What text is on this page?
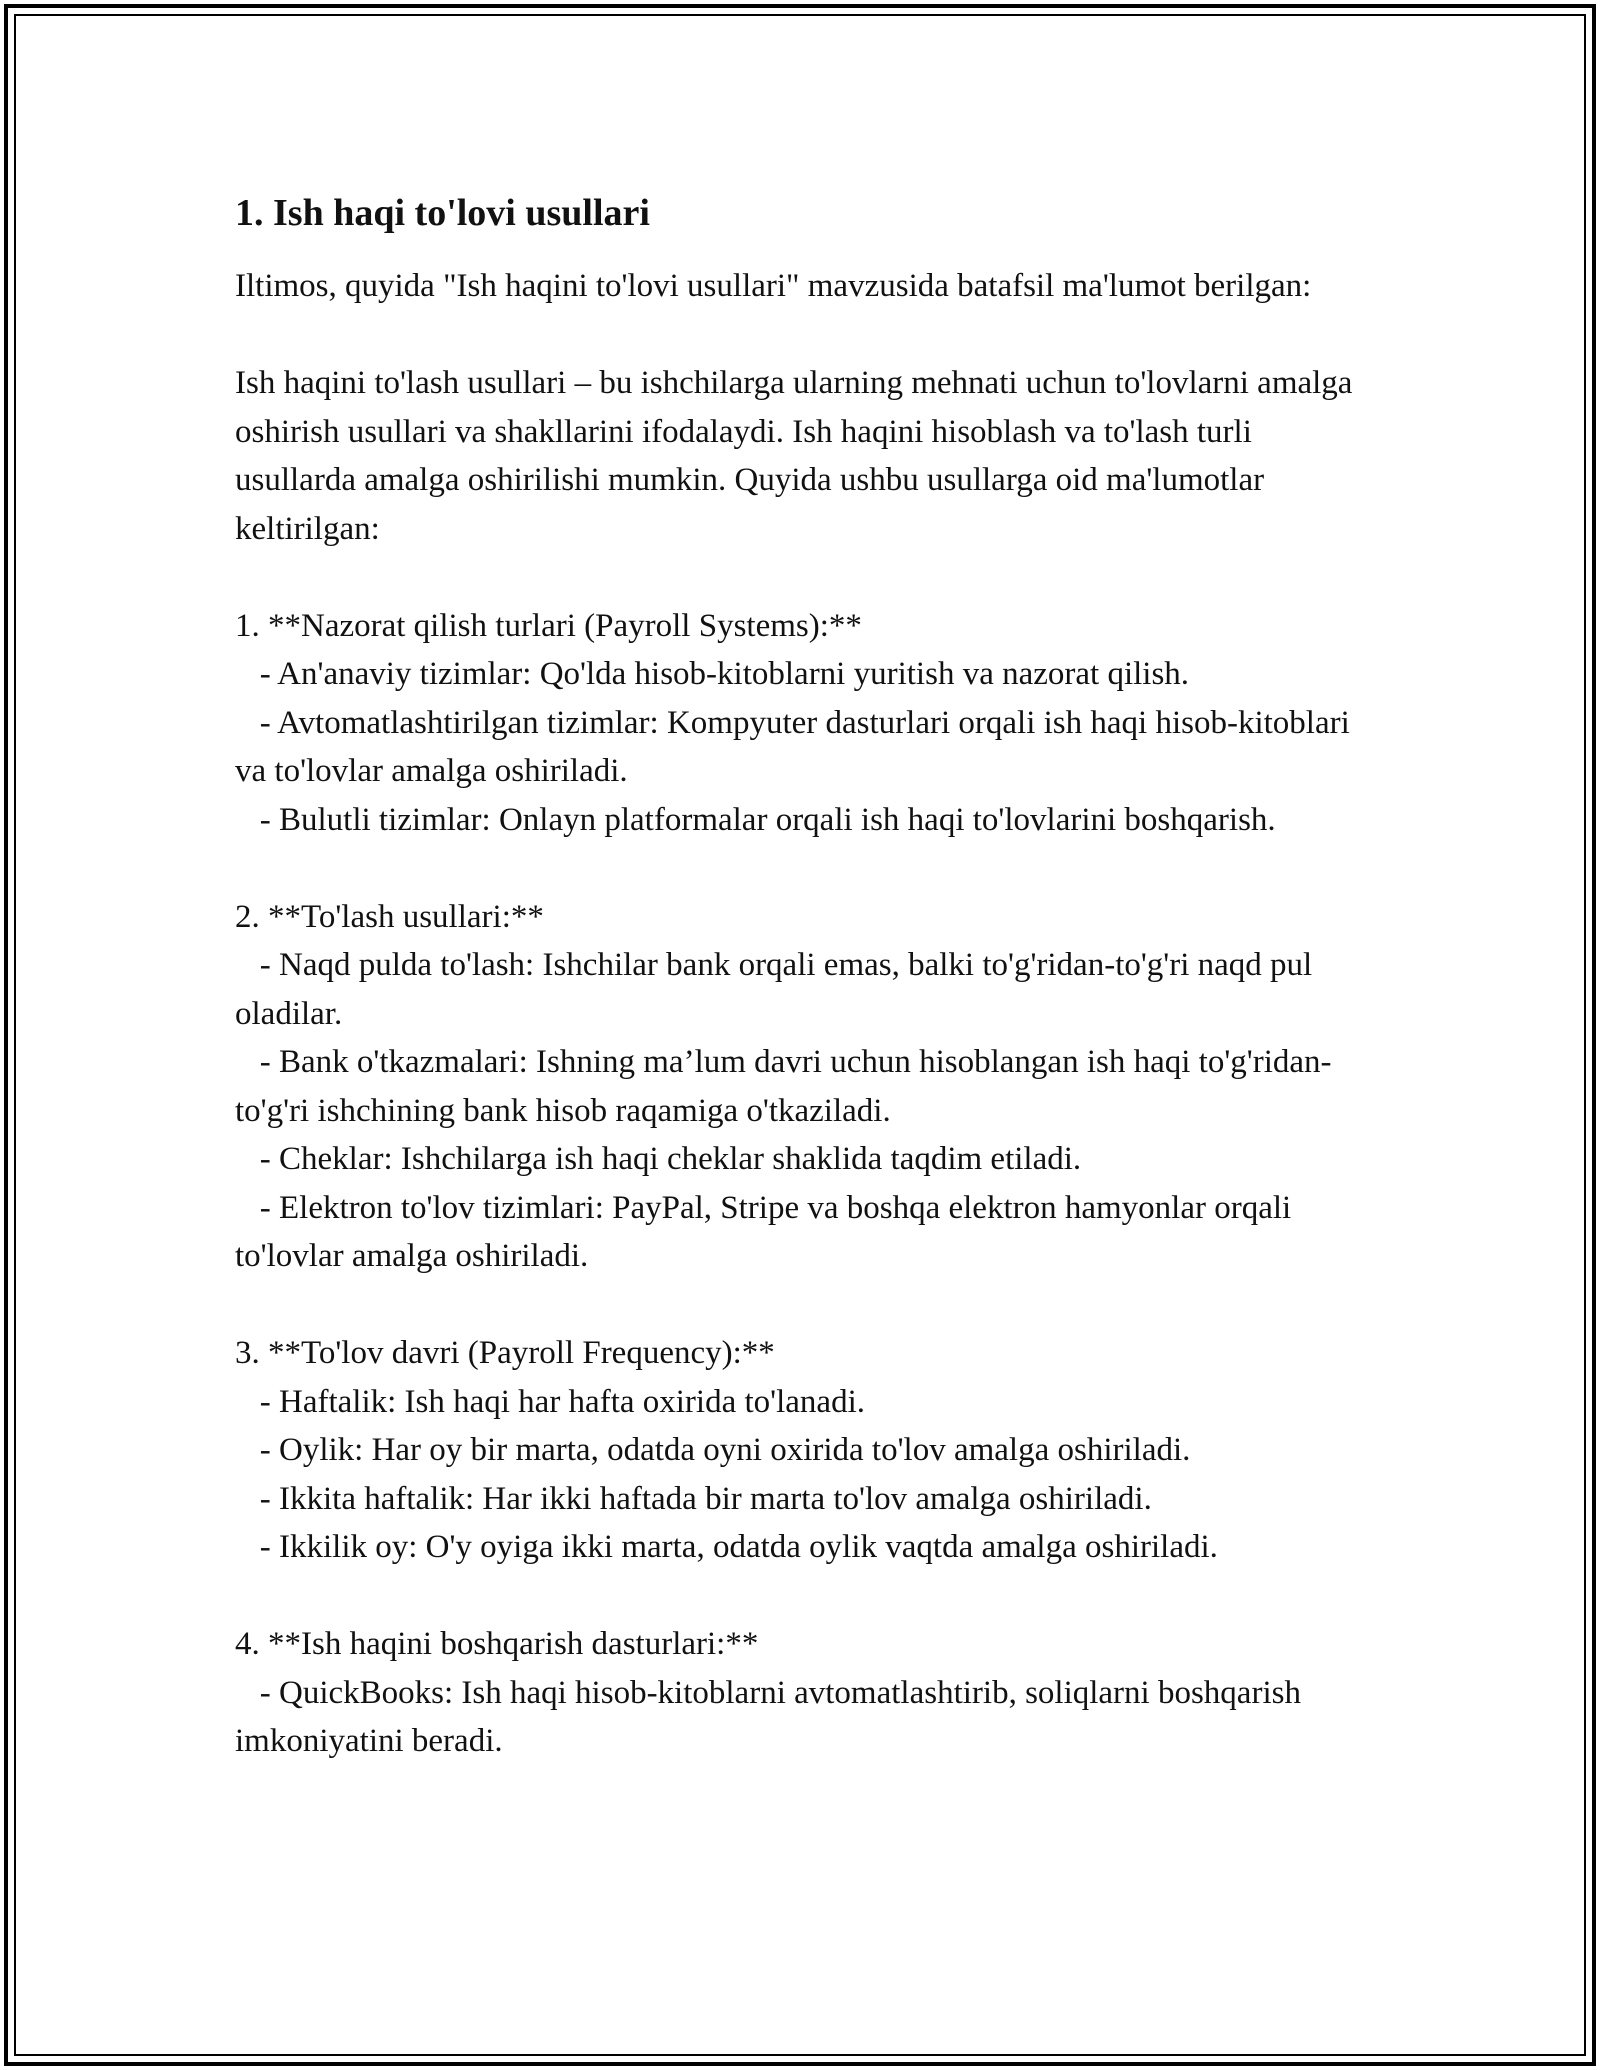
1. Ish haqi to'lovi usullari

Iltimos, quyida "Ish haqini to'lovi usullari" mavzusida batafsil ma'lumot berilgan:

Ish haqini to'lash usullari – bu ishchilarga ularning mehnati uchun to'lovlarni amalga oshirish usullari va shakllarini ifodalaydi. Ish haqini hisoblash va to'lash turli usullarda amalga oshirilishi mumkin. Quyida ushbu usullarga oid ma'lumotlar keltirilgan:

1. **Nazorat qilish turlari (Payroll Systems):**
- An'anaviy tizimlar: Qo'lda hisob-kitoblarni yuritish va nazorat qilish.
- Avtomatlashtirilgan tizimlar: Kompyuter dasturlari orqali ish haqi hisob-kitoblari va to'lovlar amalga oshiriladi.
- Bulutli tizimlar: Onlayn platformalar orqali ish haqi to'lovlarini boshqarish.
2. **To'lash usullari:**
- Naqd pulda to'lash: Ishchilar bank orqali emas, balki to'g'ridan-to'g'ri naqd pul oladilar.
- Bank o'tkazmalari: Ishning ma’lum davri uchun hisoblangan ish haqi to'g'ridan-to'g'ri ishchining bank hisob raqamiga o'tkaziladi.
- Cheklar: Ishchilarga ish haqi cheklar shaklida taqdim etiladi.
- Elektron to'lov tizimlari: PayPal, Stripe va boshqa elektron hamyonlar orqali to'lovlar amalga oshiriladi.
3. **To'lov davri (Payroll Frequency):**
- Haftalik: Ish haqi har hafta oxirida to'lanadi.
- Oylik: Har oy bir marta, odatda oyni oxirida to'lov amalga oshiriladi.
- Ikkita haftalik: Har ikki haftada bir marta to'lov amalga oshiriladi.
- Ikkilik oy: O'y oyiga ikki marta, odatda oylik vaqtda amalga oshiriladi.
4. **Ish haqini boshqarish dasturlari:**
- QuickBooks: Ish haqi hisob-kitoblarni avtomatlashtirib, soliqlarni boshqarish imkoniyatini beradi.
